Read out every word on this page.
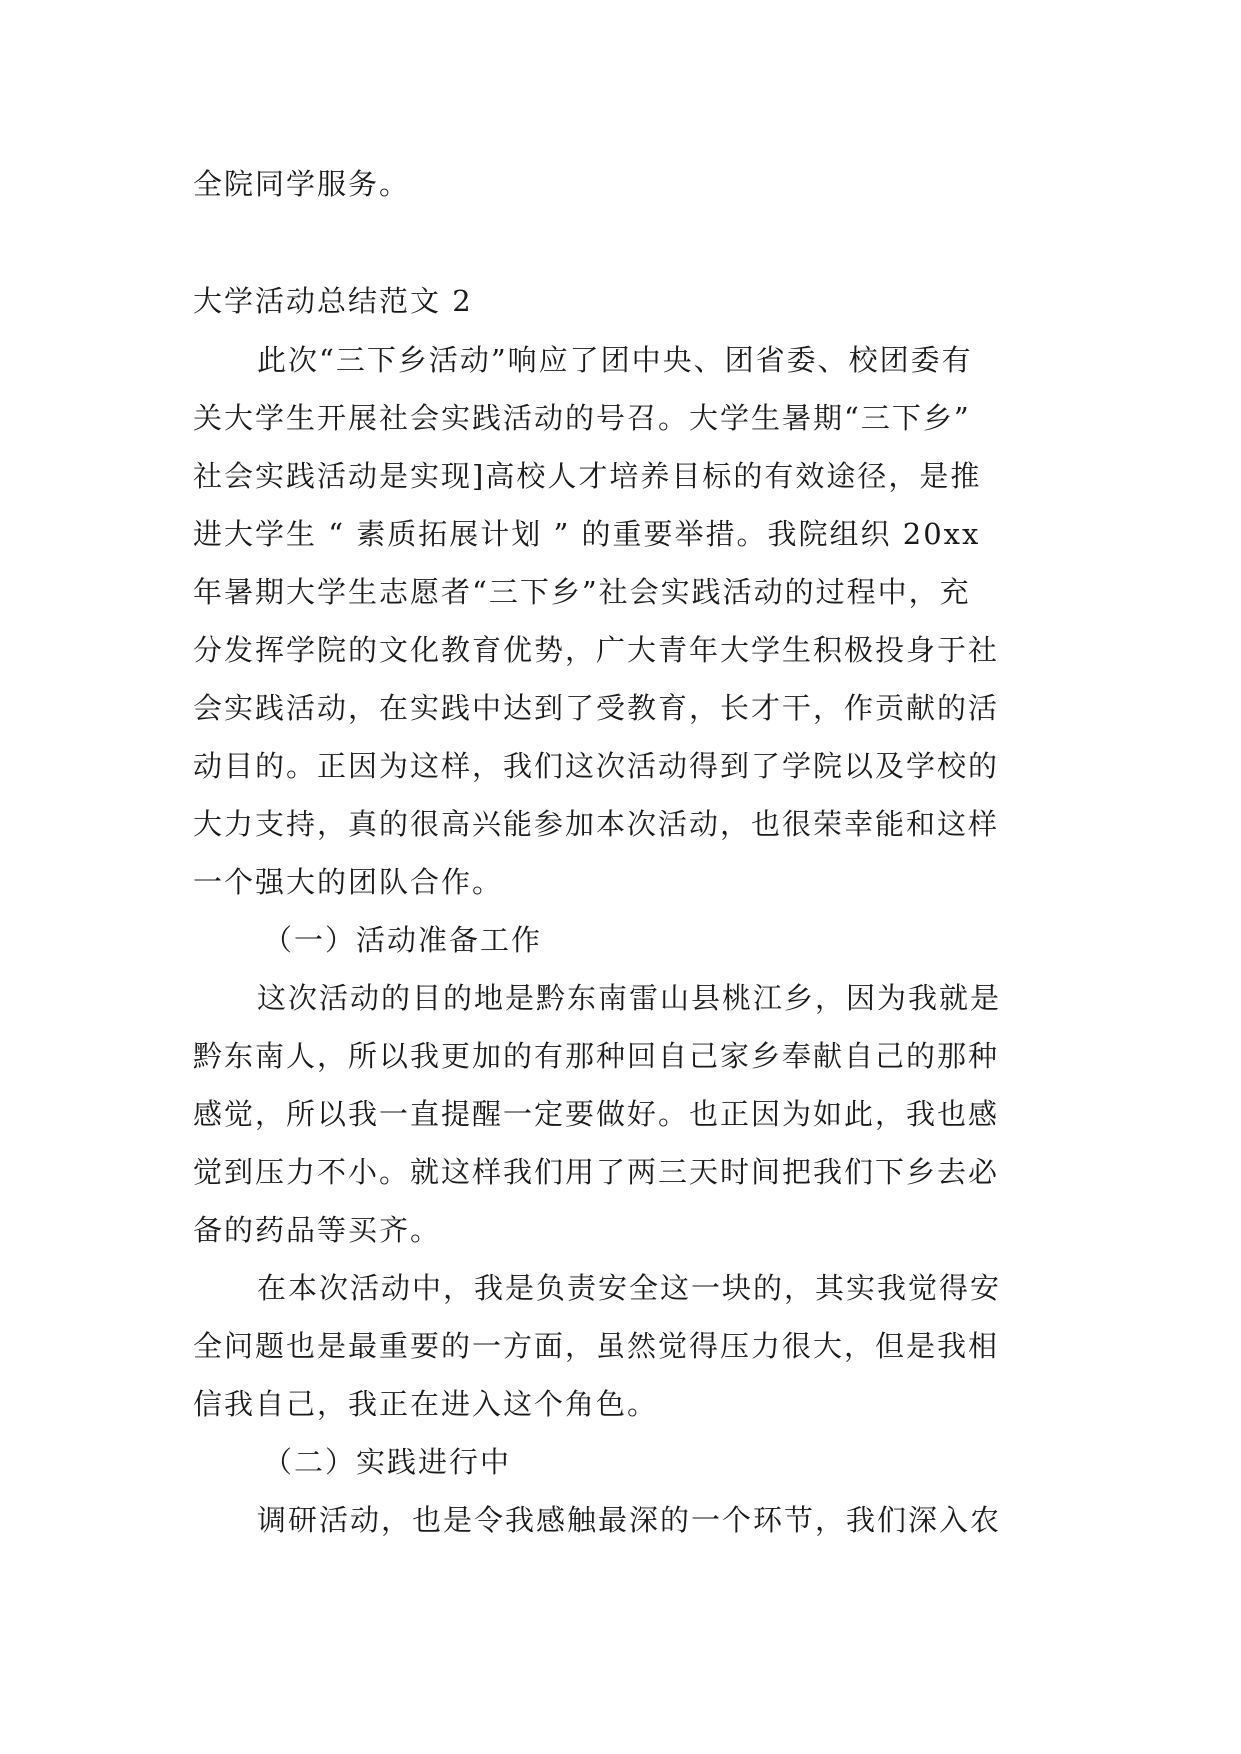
全院同学服务。
大学活动总结范文 2
此次“三下乡活动”响应了团中央、团省委、校团委有
关大学生开展社会实践活动的号召。大学生暑期“三下乡”
社会实践活动是实现]高校人才培养目标的有效途径，是推
进大学生 “ 素质拓展计划 ” 的重要举措。我院组织 20xx
年暑期大学生志愿者“三下乡”社会实践活动的过程中，充
分发挥学院的文化教育优势，广大青年大学生积极投身于社
会实践活动，在实践中达到了受教育，长才干，作贡献的活
动目的。正因为这样，我们这次活动得到了学院以及学校的
大力支持，真的很高兴能参加本次活动，也很荣幸能和这样
一个强大的团队合作。
（一）活动准备工作
这次活动的目的地是黔东南雷山县桃江乡，因为我就是
黔东南人，所以我更加的有那种回自己家乡奉献自己的那种
感觉，所以我一直提醒一定要做好。也正因为如此，我也感
觉到压力不小。就这样我们用了两三天时间把我们下乡去必
备的药品等买齐。
在本次活动中，我是负责安全这一块的，其实我觉得安
全问题也是最重要的一方面，虽然觉得压力很大，但是我相
信我自己，我正在进入这个角色。
（二）实践进行中
调研活动，也是令我感触最深的一个环节，我们深入农
